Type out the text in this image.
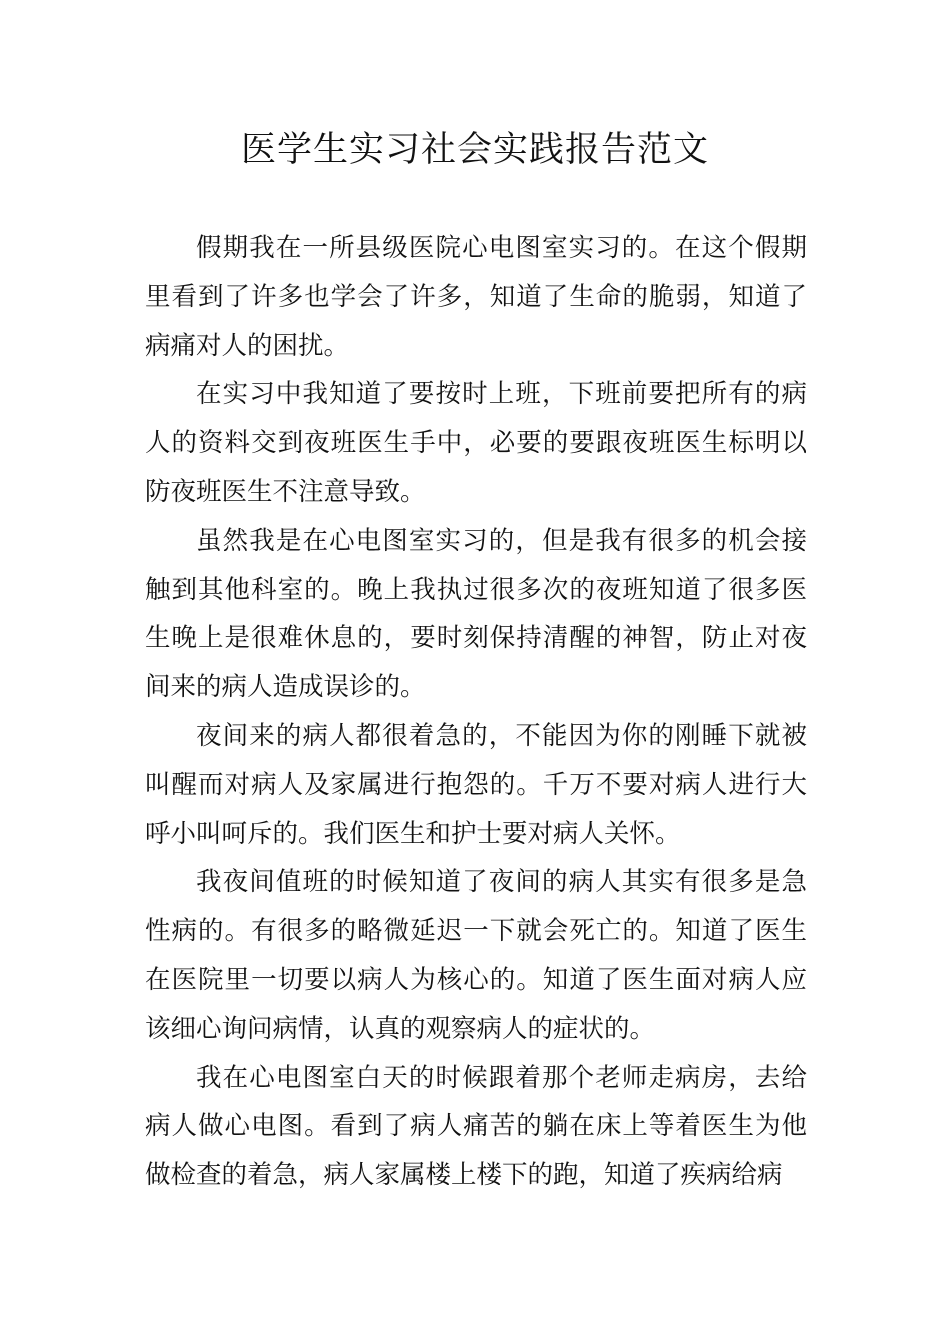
医学生实习社会实践报告范文

假期我在一所县级医院心电图室实习的。在这个假期里看到了许多也学会了许多，知道了生命的脆弱，知道了病痛对人的困扰。

在实习中我知道了要按时上班，下班前要把所有的病人的资料交到夜班医生手中，必要的要跟夜班医生标明以防夜班医生不注意导致。

虽然我是在心电图室实习的，但是我有很多的机会接触到其他科室的。晚上我执过很多次的夜班知道了很多医生晚上是很难休息的，要时刻保持清醒的神智，防止对夜间来的病人造成误诊的。

夜间来的病人都很着急的，不能因为你的刚睡下就被叫醒而对病人及家属进行抱怨的。千万不要对病人进行大呼小叫呵斥的。我们医生和护士要对病人关怀。

我夜间值班的时候知道了夜间的病人其实有很多是急性病的。有很多的略微延迟一下就会死亡的。知道了医生在医院里一切要以病人为核心的。知道了医生面对病人应该细心询问病情，认真的观察病人的症状的。

我在心电图室白天的时候跟着那个老师走病房，去给病人做心电图。看到了病人痛苦的躺在床上等着医生为他做检查的着急，病人家属楼上楼下的跑，知道了疾病给病
